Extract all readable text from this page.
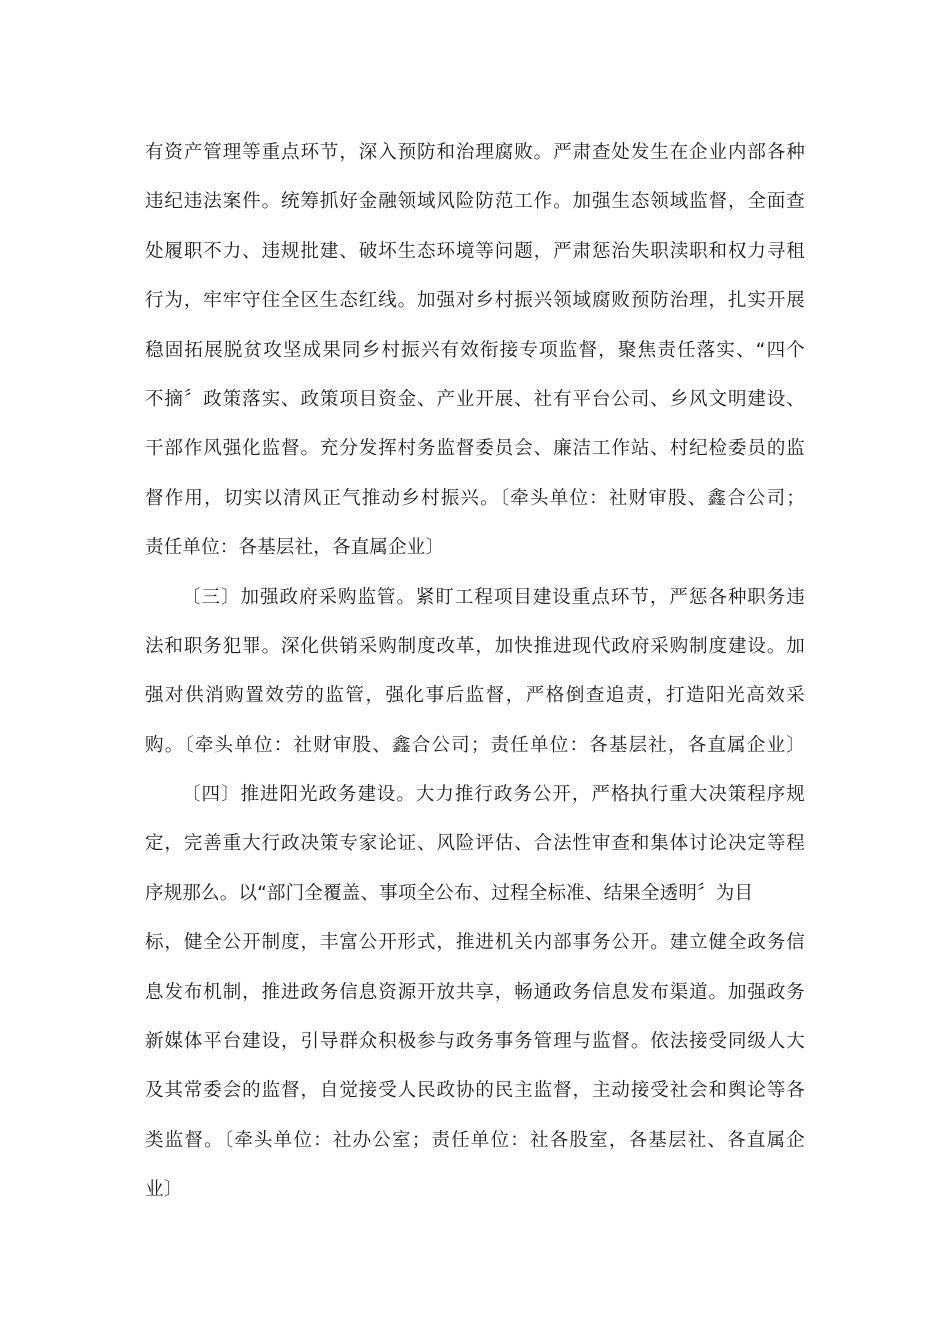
有资产管理等重点环节，深入预防和治理腐败。严肃查处发生在企业内部各种
违纪违法案件。统筹抓好金融领域风险防范工作。加强生态领域监督，全面查
处履职不力、违规批建、破坏生态环境等问题，严肃惩治失职渎职和权力寻租
行为，牢牢守住全区生态红线。加强对乡村振兴领域腐败预防治理，扎实开展
稳固拓展脱贫攻坚成果同乡村振兴有效衔接专项监督，聚焦责任落实、“四个
不摘〞政策落实、政策项目资金、产业开展、社有平台公司、乡风文明建设、
干部作风强化监督。充分发挥村务监督委员会、廉洁工作站、村纪检委员的监
督作用，切实以清风正气推动乡村振兴。〔牵头单位：社财审股、鑫合公司；
责任单位：各基层社，各直属企业〕
〔三〕加强政府采购监管。紧盯工程项目建设重点环节，严惩各种职务违
法和职务犯罪。深化供销采购制度改革，加快推进现代政府采购制度建设。加
强对供消购置效劳的监管，强化事后监督，严格倒查追责，打造阳光高效采
购。〔牵头单位：社财审股、鑫合公司；责任单位：各基层社，各直属企业〕
〔四〕推进阳光政务建设。大力推行政务公开，严格执行重大决策程序规
定，完善重大行政决策专家论证、风险评估、合法性审查和集体讨论决定等程
序规那么。以“部门全覆盖、事项全公布、过程全标准、结果全透明〞为目
标，健全公开制度，丰富公开形式，推进机关内部事务公开。建立健全政务信
息发布机制，推进政务信息资源开放共享，畅通政务信息发布渠道。加强政务
新媒体平台建设，引导群众积极参与政务事务管理与监督。依法接受同级人大
及其常委会的监督，自觉接受人民政协的民主监督，主动接受社会和舆论等各
类监督。〔牵头单位：社办公室；责任单位：社各股室，各基层社、各直属企
业〕
